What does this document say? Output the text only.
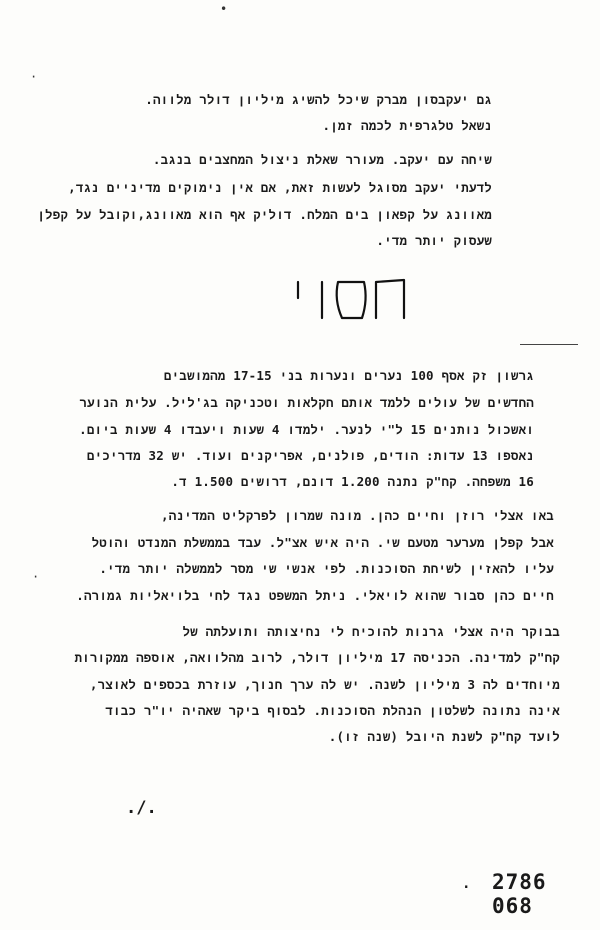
•
גם יעקבסון מברק שיכל להשיג מיליון דולר מלווה.
נשאל טלגרפית לכמה זמן.
שיחה עם יעקב. מעורר שאלת ניצול המחצבים בנגב.
לדעתי יעקב מסוגל לעשות זאת, אם אין נימוקים מדיניים נגד,
מאוונג על קפאון בים המלח. דוליק אף הוא מאוונג,וקובל על קפלן
שעסוק יותר מדי.
גרשון זק אסף 100 נערים ונערות בני 17-15 מהמושבים
החדשים של עולים ללמד אותם חקלאות וטכניקה בג'ליל. עלית הנוער
ואשכול נותנים 15 ל"י לנער. ילמדו 4 שעות ויעבדו 4 שעות ביום.
נאספו 13 עדות: הודים, פולנים, אפריקנים ועוד. יש 32 מדריכים
16 משפחה. קח"ק נתנה 1.200 דונם, דרושים 1.500 ד.
באו אצלי רוזן וחיים כהן. מונה שמרון לפרקליט המדינה,
אבל קפלן מערער מטעם שי. היה איש אצ"ל. עבד בממשלת המנדט והוטל
עליו להאזין לשיחת הסוכנות. לפי אנשי שי מסר לממשלה יותר מדי.
חיים כהן סבור שהוא לויאלי. ניתל המשפט נגד לחי בלויאליות גמורה.
בבוקר היה אצלי גרנות להוכיח לי נחיצותה ותועלתה של
קח"ק למדינה. הכניסה 17 מיליון דולר, לרוב מהלוואה, אוספה ממקורות
מיוחדים לה 3 מיליון לשנה. יש לה ערך חנוך, עוזרת בכספים לאוצר,
אינה נתונה לשלטון הנהלת הסוכנות. לבסוף ביקר שאהיה יו"ר כבוד
לועד קח"ק לשנת היובל (שנה זו).
./.
. 2786 068
·
·
